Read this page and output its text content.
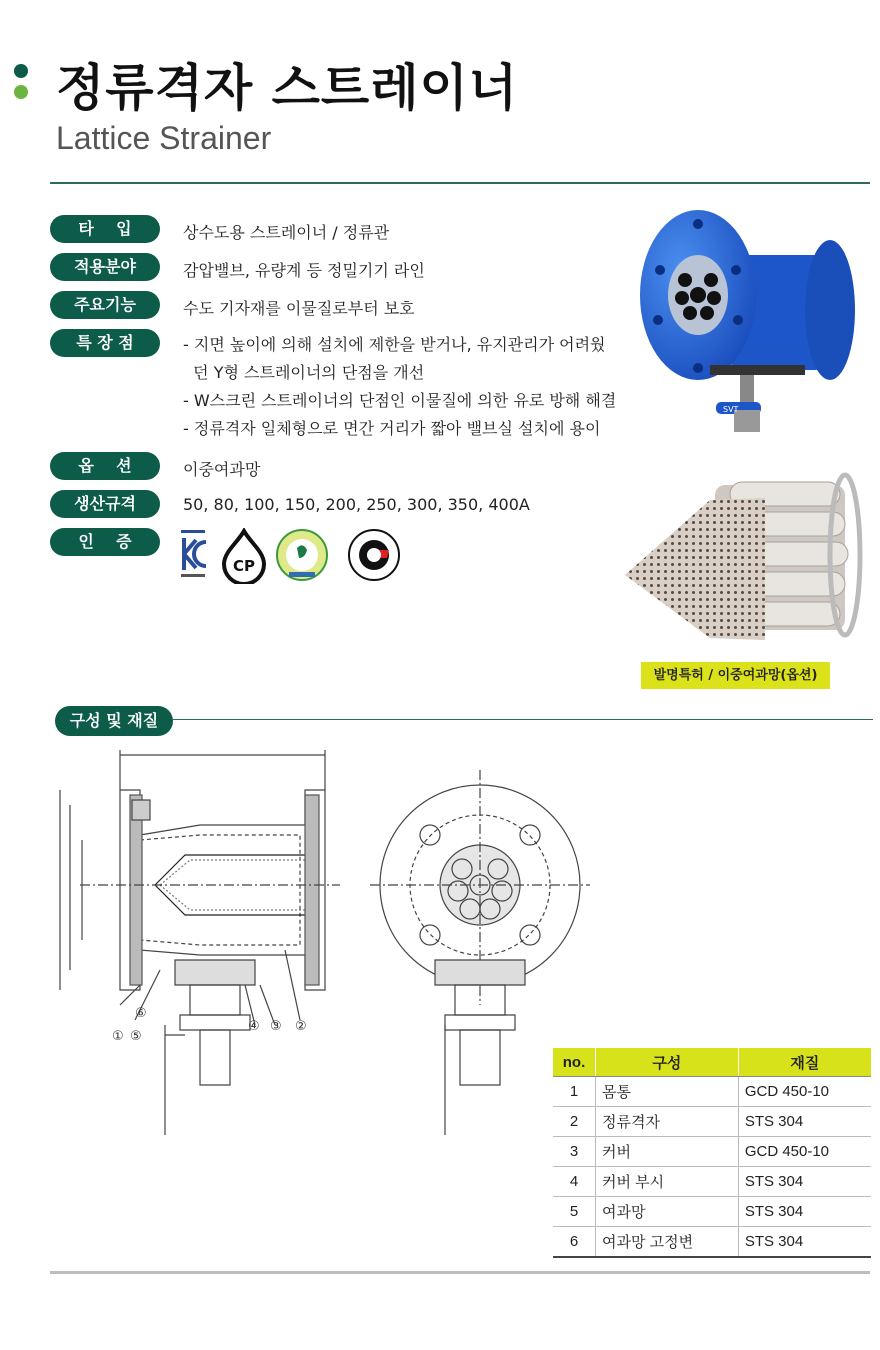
정류격자 스트레이너
Lattice Strainer
타    입	상수도용 스트레이너 / 정류관
적용분야	감압밸브, 유량계 등 정밀기기 라인
주요기능	수도 기자재를 이물질로부터 보호
특 장 점	- 지면 높이에 의해 설치에 제한을 받거나, 유지관리가 어려웠
던 Y형 스트레이너의 단점을 개선
- W스크린 스트레이너의 단점인 이물질에 의한 유로 방해 해결
- 정류격자 일체형으로 면간 거리가 짧아 밸브실 설치에 용이
옵    션	이중여과망
생산규격	50, 80, 100, 150, 200, 250, 300, 350, 400A
인    증
CP
SVT
발명특허 / 이중여과망(옵션)
구성 및 재질
① ⑤
⑥
④ ③ ②
no.	구성	재질
1	몸통	GCD 450-10
2	정류격자	STS 304
3	커버	GCD 450-10
4	커버 부시	STS 304
5	여과망	STS 304
6	여과망 고정변	STS 304
